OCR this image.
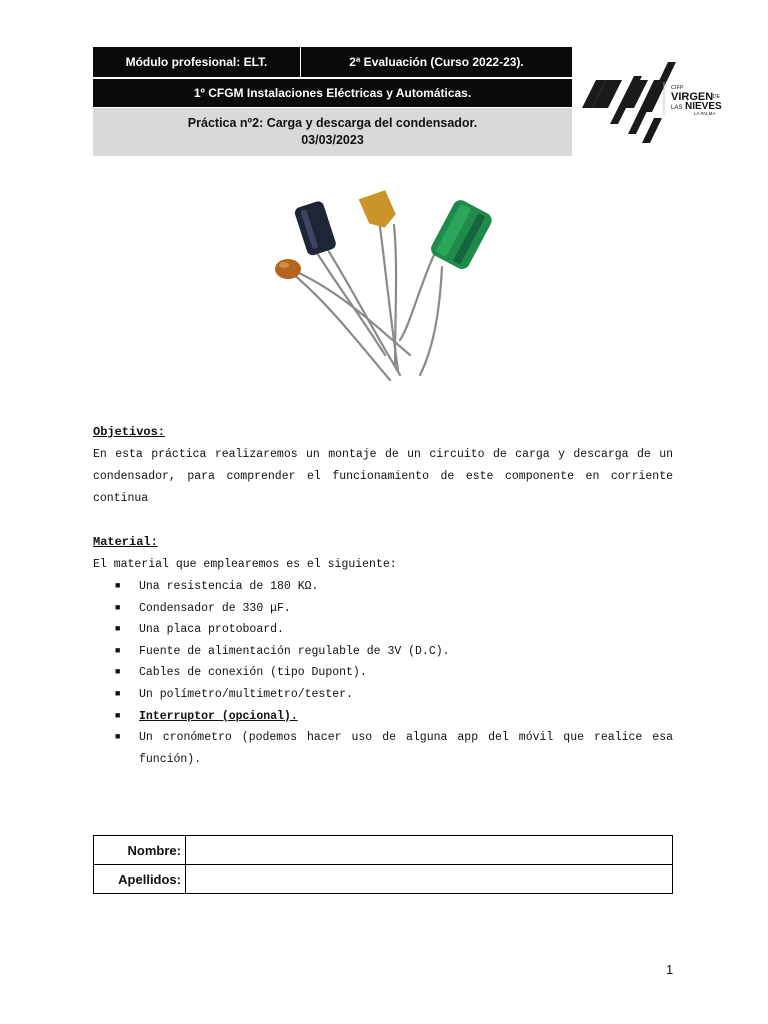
Módulo profesional: ELT.	2ª Evaluación (Curso 2022-23).
1º CFGM Instalaciones Eléctricas y Automáticas.
Práctica nº2: Carga y descarga del condensador.
03/03/2023
CIFP
VIRGEN DE
LAS NIEVES
LA PALMA
Objetivos:
En esta práctica realizaremos un montaje de un circuito de carga y descarga de un condensador, para comprender el funcionamiento de este componente en corriente continua
Material:
El material que emplearemos es el siguiente:
■ Una resistencia de 180 KΩ.
■ Condensador de 330 μF.
■ Una placa protoboard.
■ Fuente de alimentación regulable de 3V (D.C).
■ Cables de conexión (tipo Dupont).
■ Un polímetro/multimetro/tester.
■ Interruptor (opcional).
■ Un cronómetro (podemos hacer uso de alguna app del móvil que realice esa función).
Nombre:	
Apellidos:	
1
